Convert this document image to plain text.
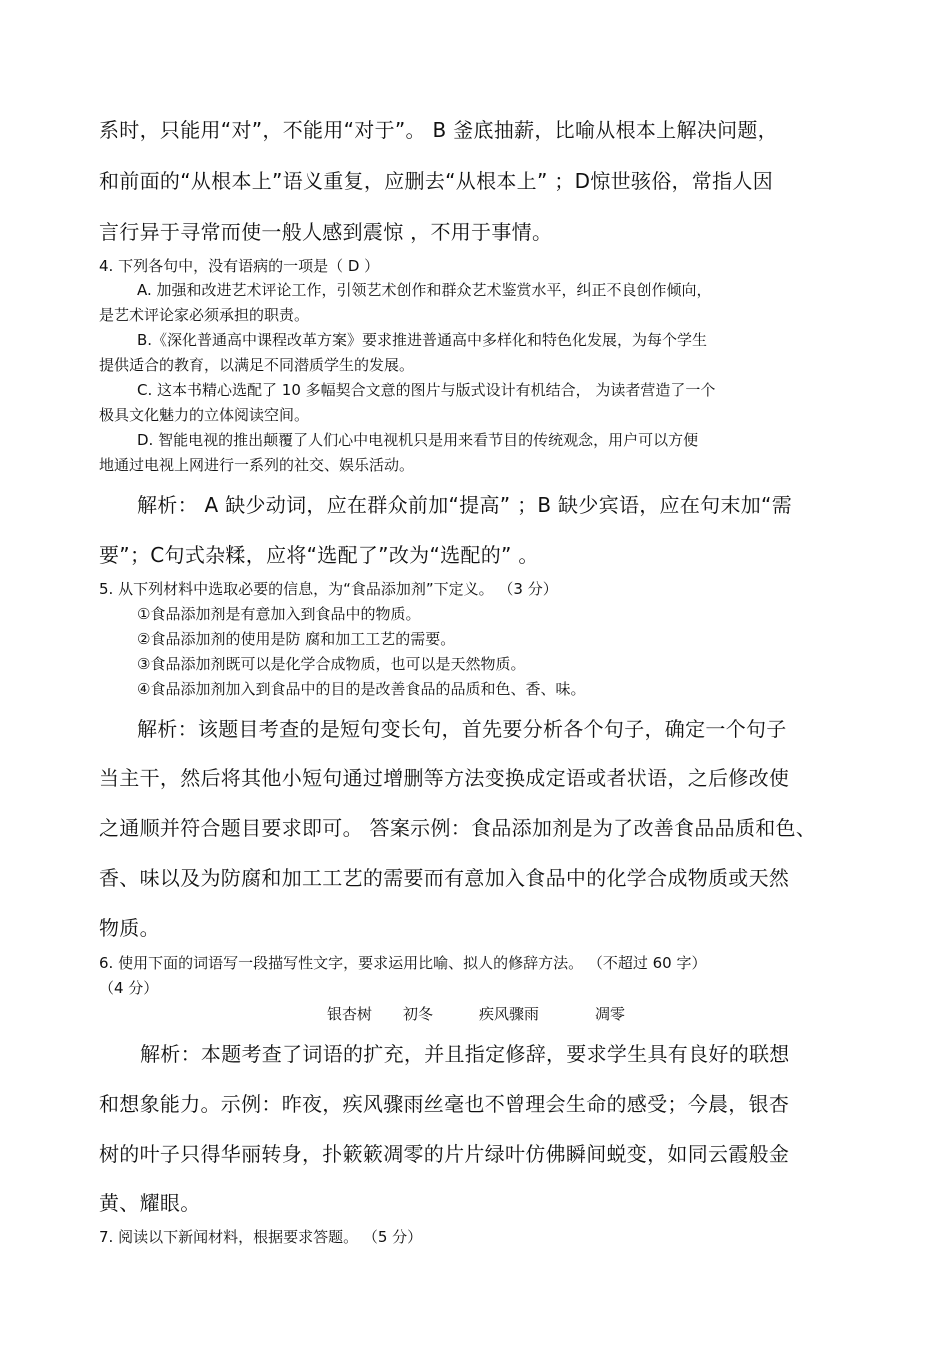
系时，只能用“对”，不能用“对于”。 B 釜底抽薪，比喻从根本上解决问题，

和前面的“从根本上”语义重复，应删去“从根本上” ；D惊世骇俗，常指人因

言行异于寻常而使一般人感到震惊 ，不用于事情。

4. 下列各句中，没有语病的一项是（ D ）

A. 加强和改进艺术评论工作，引领艺术创作和群众艺术鉴赏水平，纠正不良创作倾向，

是艺术评论家必须承担的职责。

B.《深化普通高中课程改革方案》要求推进普通高中多样化和特色化发展，为每个学生

提供适合的教育，以满足不同潜质学生的发展。

C. 这本书精心选配了 10 多幅契合文意的图片与版式设计有机结合， 为读者营造了一个

极具文化魅力的立体阅读空间。

D. 智能电视的推出颠覆了人们心中电视机只是用来看节目的传统观念，用户可以方便

地通过电视上网进行一系列的社交、娱乐活动。

解析： A 缺少动词，应在群众前加“提高” ；B 缺少宾语，应在句末加“需

要”；C句式杂糅，应将“选配了”改为“选配的” 。

5. 从下列材料中选取必要的信息，为“食品添加剂”下定义。 （3 分）

①食品添加剂是有意加入到食品中的物质。

②食品添加剂的使用是防 腐和加工工艺的需要。

③食品添加剂既可以是化学合成物质，也可以是天然物质。

④食品添加剂加入到食品中的目的是改善食品的品质和色、香、味。

解析：该题目考查的是短句变长句，首先要分析各个句子，确定一个句子

当主干，然后将其他小短句通过增删等方法变换成定语或者状语，之后修改使

之通顺并符合题目要求即可。 答案示例：食品添加剂是为了改善食品品质和色、

香、味以及为防腐和加工工艺的需要而有意加入食品中的化学合成物质或天然

物质。

6. 使用下面的词语写一段描写性文字，要求运用比喻、拟人的修辞方法。 （不超过 60 字）

（4 分）

银杏树 初冬	疾风骤雨	凋零

解析：本题考查了词语的扩充，并且指定修辞，要求学生具有良好的联想

和想象能力。示例：昨夜，疾风骤雨丝毫也不曾理会生命的感受；今晨，银杏

树的叶子只得华丽转身，扑簌簌凋零的片片绿叶仿佛瞬间蜕变，如同云霞般金

黄、耀眼。

7. 阅读以下新闻材料，根据要求答题。 （5 分）
